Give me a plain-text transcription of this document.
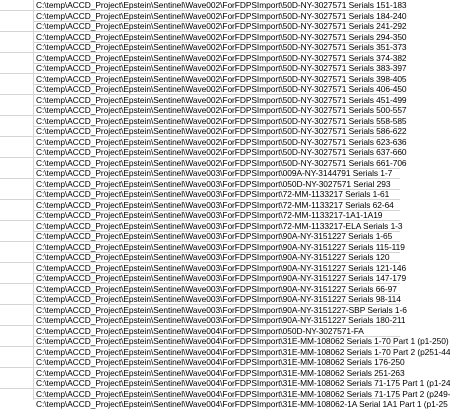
C:\temp\ACCD_Project\Epstein\Sentinel\Wave002\ForFDPSImport\50D-NY-3027571 Serials 151-183
C:\temp\ACCD_Project\Epstein\Sentinel\Wave002\ForFDPSImport\50D-NY-3027571 Serials 184-240
C:\temp\ACCD_Project\Epstein\Sentinel\Wave002\ForFDPSImport\50D-NY-3027571 Serials 241-292
C:\temp\ACCD_Project\Epstein\Sentinel\Wave002\ForFDPSImport\50D-NY-3027571 Serials 294-350
C:\temp\ACCD_Project\Epstein\Sentinel\Wave002\ForFDPSImport\50D-NY-3027571 Serials 351-373
C:\temp\ACCD_Project\Epstein\Sentinel\Wave002\ForFDPSImport\50D-NY-3027571 Serials 374-382
C:\temp\ACCD_Project\Epstein\Sentinel\Wave002\ForFDPSImport\50D-NY-3027571 Serials 383-397
C:\temp\ACCD_Project\Epstein\Sentinel\Wave002\ForFDPSImport\50D-NY-3027571 Serials 398-405
C:\temp\ACCD_Project\Epstein\Sentinel\Wave002\ForFDPSImport\50D-NY-3027571 Serials 406-450
C:\temp\ACCD_Project\Epstein\Sentinel\Wave002\ForFDPSImport\50D-NY-3027571 Serials 451-499
C:\temp\ACCD_Project\Epstein\Sentinel\Wave002\ForFDPSImport\50D-NY-3027571 Serials 500-557
C:\temp\ACCD_Project\Epstein\Sentinel\Wave002\ForFDPSImport\50D-NY-3027571 Serials 558-585
C:\temp\ACCD_Project\Epstein\Sentinel\Wave002\ForFDPSImport\50D-NY-3027571 Serials 586-622
C:\temp\ACCD_Project\Epstein\Sentinel\Wave002\ForFDPSImport\50D-NY-3027571 Serials 623-636
C:\temp\ACCD_Project\Epstein\Sentinel\Wave002\ForFDPSImport\50D-NY-3027571 Serials 637-660
C:\temp\ACCD_Project\Epstein\Sentinel\Wave002\ForFDPSImport\50D-NY-3027571 Serials 661-706
C:\temp\ACCD_Project\Epstein\Sentinel\Wave003\ForFDPSImport\009A-NY-3144791 Serials 1-7
C:\temp\ACCD_Project\Epstein\Sentinel\Wave003\ForFDPSImport\050D-NY-3027571 Serial 293
C:\temp\ACCD_Project\Epstein\Sentinel\Wave003\ForFDPSImport\72-MM-1133217 Serials 1-61
C:\temp\ACCD_Project\Epstein\Sentinel\Wave003\ForFDPSImport\72-MM-1133217 Serials 62-64
C:\temp\ACCD_Project\Epstein\Sentinel\Wave003\ForFDPSImport\72-MM-1133217-1A1-1A19
C:\temp\ACCD_Project\Epstein\Sentinel\Wave003\ForFDPSImport\72-MM-1133217-ELA Serials 1-3
C:\temp\ACCD_Project\Epstein\Sentinel\Wave003\ForFDPSImport\90A-NY-3151227 Serials 1-65
C:\temp\ACCD_Project\Epstein\Sentinel\Wave003\ForFDPSImport\90A-NY-3151227 Serials 115-119
C:\temp\ACCD_Project\Epstein\Sentinel\Wave003\ForFDPSImport\90A-NY-3151227 Serials 120
C:\temp\ACCD_Project\Epstein\Sentinel\Wave003\ForFDPSImport\90A-NY-3151227 Serials 121-146
C:\temp\ACCD_Project\Epstein\Sentinel\Wave003\ForFDPSImport\90A-NY-3151227 Serials 147-179
C:\temp\ACCD_Project\Epstein\Sentinel\Wave003\ForFDPSImport\90A-NY-3151227 Serials 66-97
C:\temp\ACCD_Project\Epstein\Sentinel\Wave003\ForFDPSImport\90A-NY-3151227 Serials 98-114
C:\temp\ACCD_Project\Epstein\Sentinel\Wave003\ForFDPSImport\90A-NY-3151227-SBP Serials 1-6
C:\temp\ACCD_Project\Epstein\Sentinel\Wave003\ForFDPSImport\90A-NY-3151227 Serials 180-211
C:\temp\ACCD_Project\Epstein\Sentinel\Wave004\ForFDPSImport\050D-NY-3027571-FA
C:\temp\ACCD_Project\Epstein\Sentinel\Wave004\ForFDPSImport\31E-MM-108062 Serials 1-70 Part 1 (p1-250)
C:\temp\ACCD_Project\Epstein\Sentinel\Wave004\ForFDPSImport\31E-MM-108062 Serials 1-70 Part 2 (p251-44
C:\temp\ACCD_Project\Epstein\Sentinel\Wave004\ForFDPSImport\31E-MM-108062 Serials 176-250
C:\temp\ACCD_Project\Epstein\Sentinel\Wave004\ForFDPSImport\31E-MM-108062 Serials 251-263
C:\temp\ACCD_Project\Epstein\Sentinel\Wave004\ForFDPSImport\31E-MM-108062 Serials 71-175 Part 1 (p1-24
C:\temp\ACCD_Project\Epstein\Sentinel\Wave004\ForFDPSImport\31E-MM-108062 Serials 71-175 Part 2 (p249-
C:\temp\ACCD_Project\Epstein\Sentinel\Wave004\ForFDPSImport\31E-MM-108062-1A Serial 1A1 Part 1 (p1-25
